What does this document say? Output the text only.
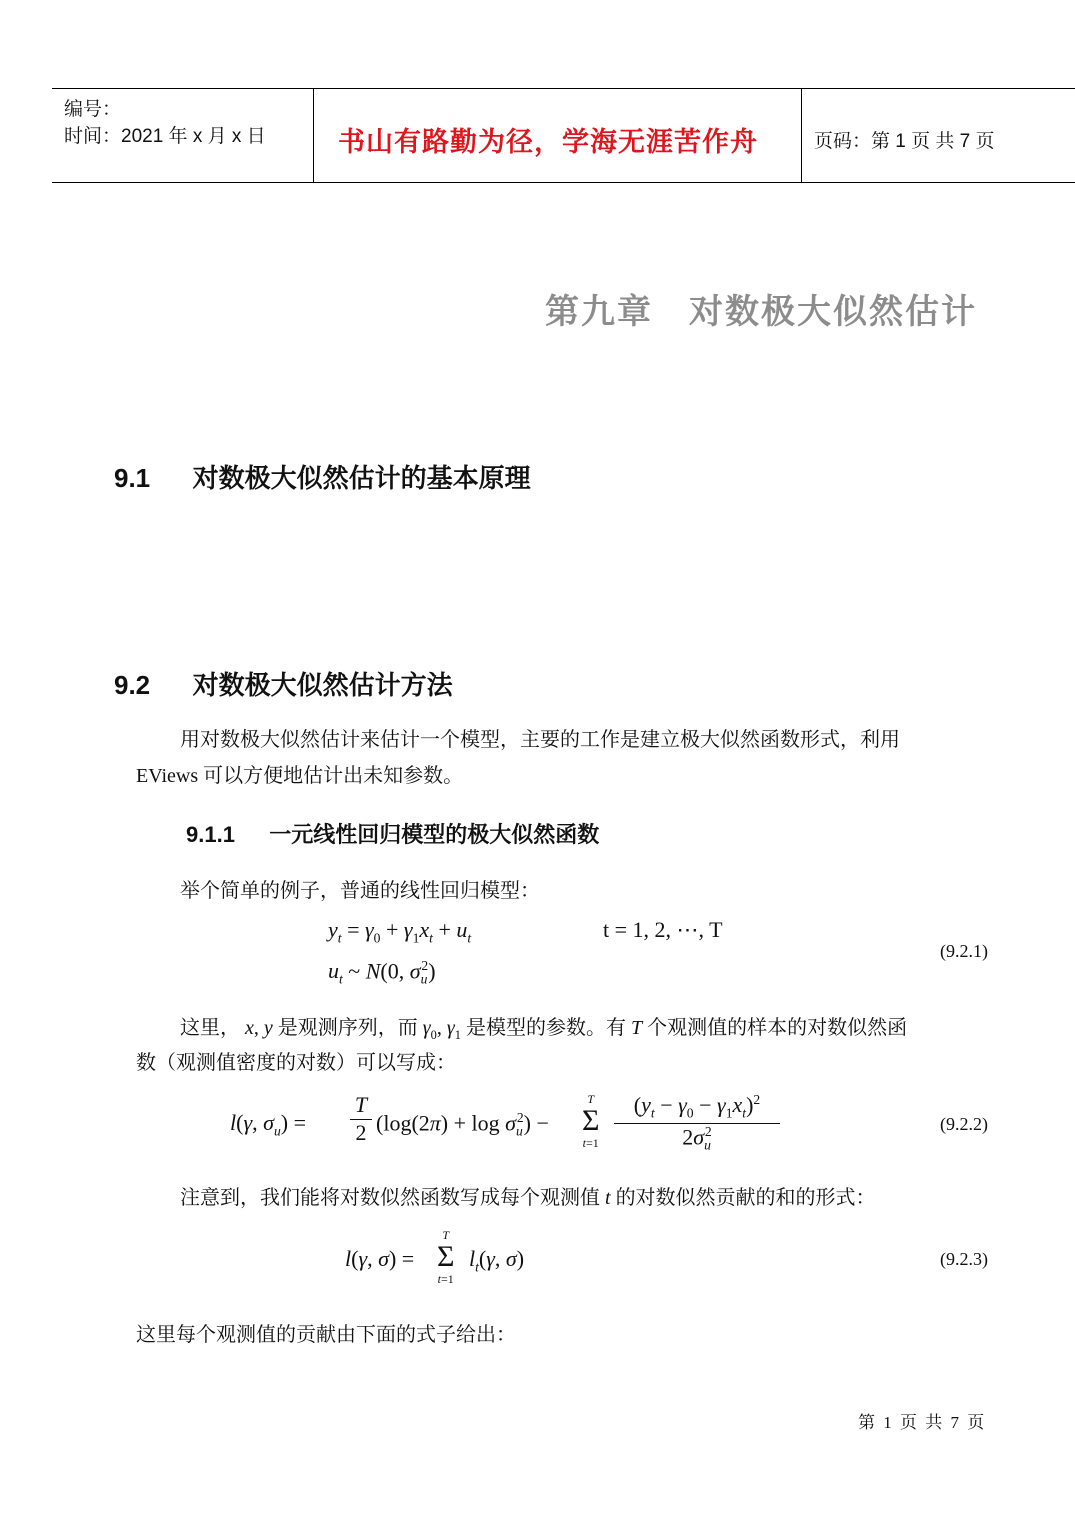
编号：
时间：2021 年 x 月 x 日	书山有路勤为径，学海无涯苦作舟	页码：第 1 页 共 7 页
第九章　对数极大似然估计
9.1 对数极大似然估计的基本原理
9.2 对数极大似然估计方法
用对数极大似然估计来估计一个模型，主要的工作是建立极大似然函数形式，利用
EViews 可以方便地估计出未知参数。
9.1.1 一元线性回归模型的极大似然函数
举个简单的例子，普通的线性回归模型：
$y_t = \gamma_0 + \gamma_1x_t + u_t$	t = 1, 2, ⋯, T
$u_t$ ~ N(0, $\sigma_u^2$)
(9.2.1)
这里， x, y 是观测序列，而 $\gamma_0$, $\gamma_1$ 是模型的参数。有 T 个观测值的样本的对数似然函
数（观测值密度的对数）可以写成：
l(γ, $\sigma_u$) =
T
2 $(\log(2\pi) + \log \sigma_u^2)$ −
T
Σ
t=1
$(y_t - \gamma_0 - \gamma_1x_t)^2$
$2\sigma_u^2$	(9.2.2)
注意到，我们能将对数似然函数写成每个观测值 t 的对数似然贡献的和的形式：
l(γ, σ) =
T
Σ
t=1
$l_t(\gamma$, σ)	(9.2.3)
这里每个观测值的贡献由下面的式子给出：
第 1 页 共 7 页
